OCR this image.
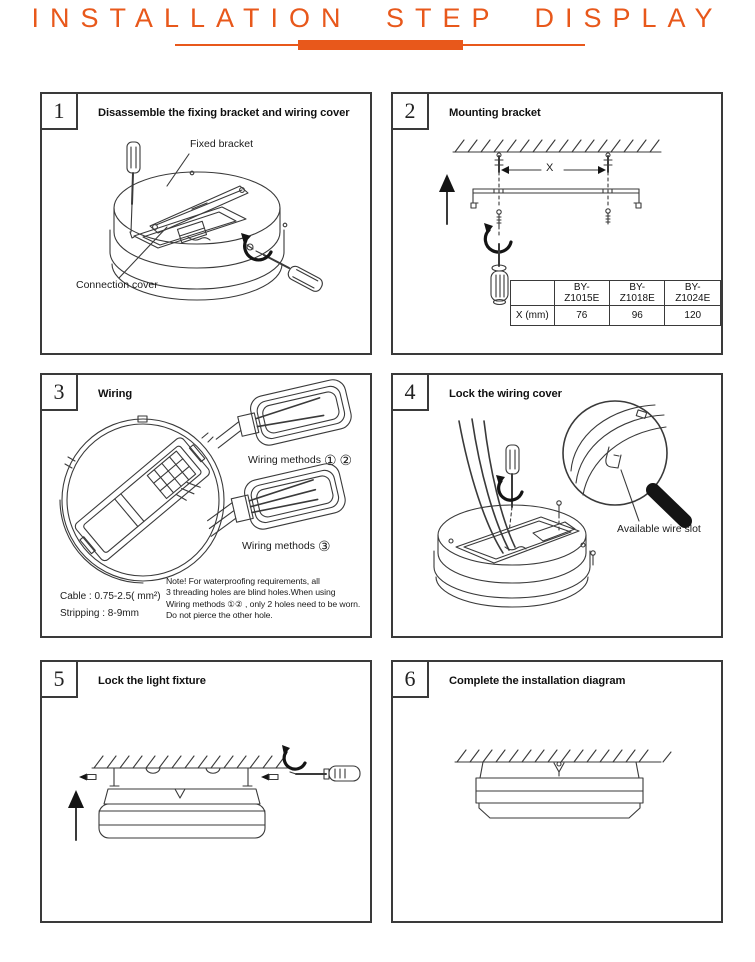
INSTALLATION STEP DISPLAY
1	Disassemble the fixing bracket and wiring cover
Fixed bracket
Connection cover
2	Mounting bracket
X
	BY-Z1015E	BY-Z1018E	BY-Z1024E
X (mm)	76	96	120
3	Wiring
Wiring methods ① ②
Wiring methods ③
Note! For waterproofing requirements, all
3 threading holes are blind holes.When using
Wiring methods ①② , only 2 holes need to be worn.
Do not pierce the other hole.
Cable : 0.75-2.5( mm²)
Stripping : 8-9mm
4	Lock the wiring cover
Available wire slot
5	Lock the light fixture	6	Complete the installation diagram
